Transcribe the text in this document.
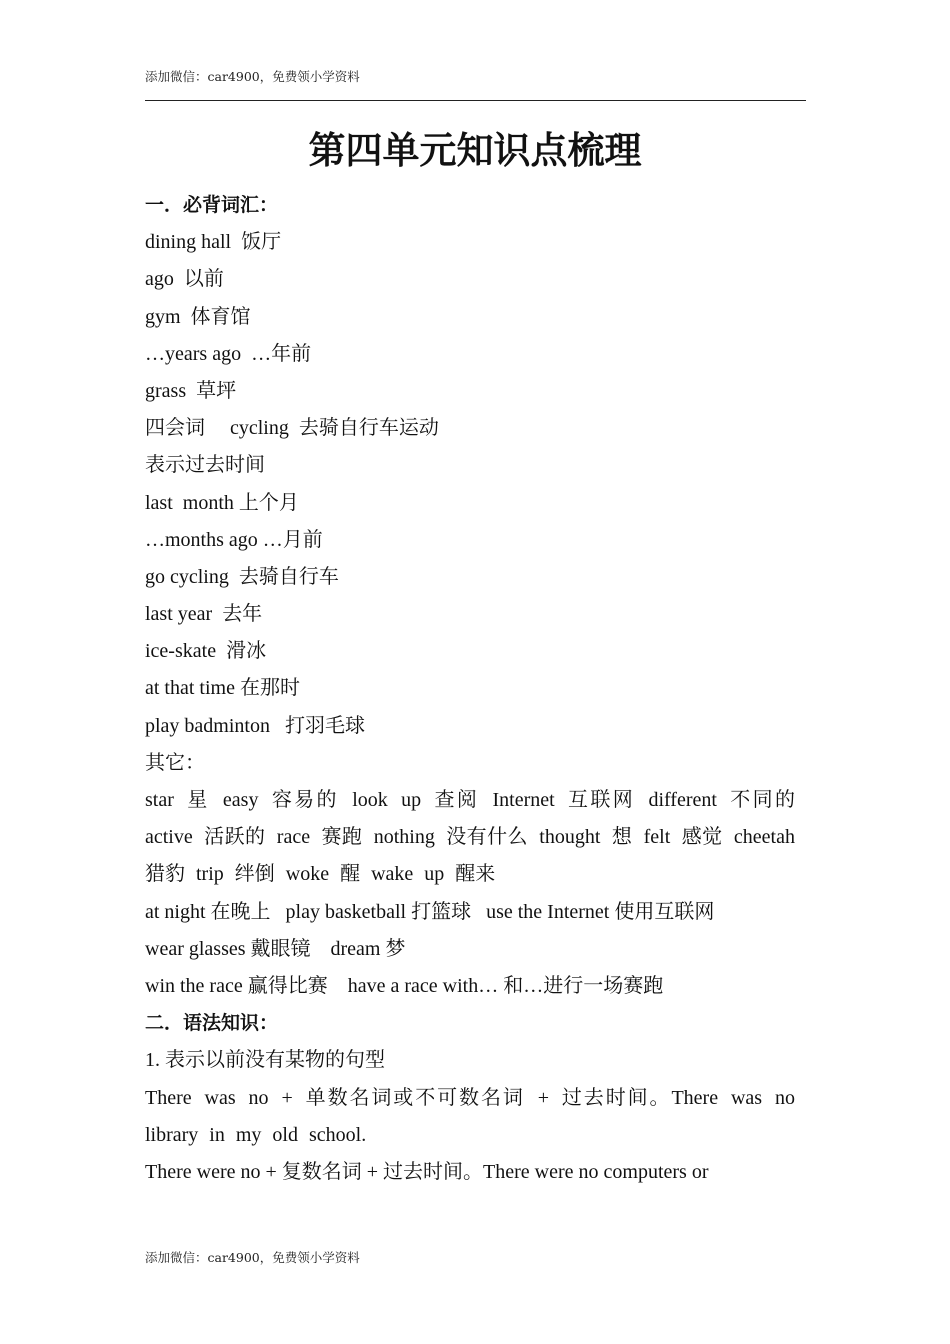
添加微信：car4900，免费领小学资料
第四单元知识点梳理
一．必背词汇：
dining hall  饭厅
ago  以前
gym  体育馆
…years ago  …年前
grass  草坪
四会词     cycling  去骑自行车运动
表示过去时间
last  month 上个月
…months ago …月前
go cycling  去骑自行车
last year  去年
ice-skate  滑冰
at that time 在那时
play badminton   打羽毛球
其它：
star 星 easy 容易的 look up 查阅 Internet 互联网 different 不同的 active 活跃的 race 赛跑 nothing 没有什么 thought 想 felt 感觉 cheetah 猎豹 trip 绊倒 woke 醒 wake up 醒来
at night 在晚上   play basketball 打篮球   use the Internet 使用互联网
wear glasses 戴眼镜    dream 梦
win the race 赢得比赛    have a race with… 和…进行一场赛跑
二．语法知识：
1. 表示以前没有某物的句型
There was no + 单数名词或不可数名词 + 过去时间。There was no library in my old school.
There were no + 复数名词 + 过去时间。There were no computers or
添加微信：car4900，免费领小学资料
